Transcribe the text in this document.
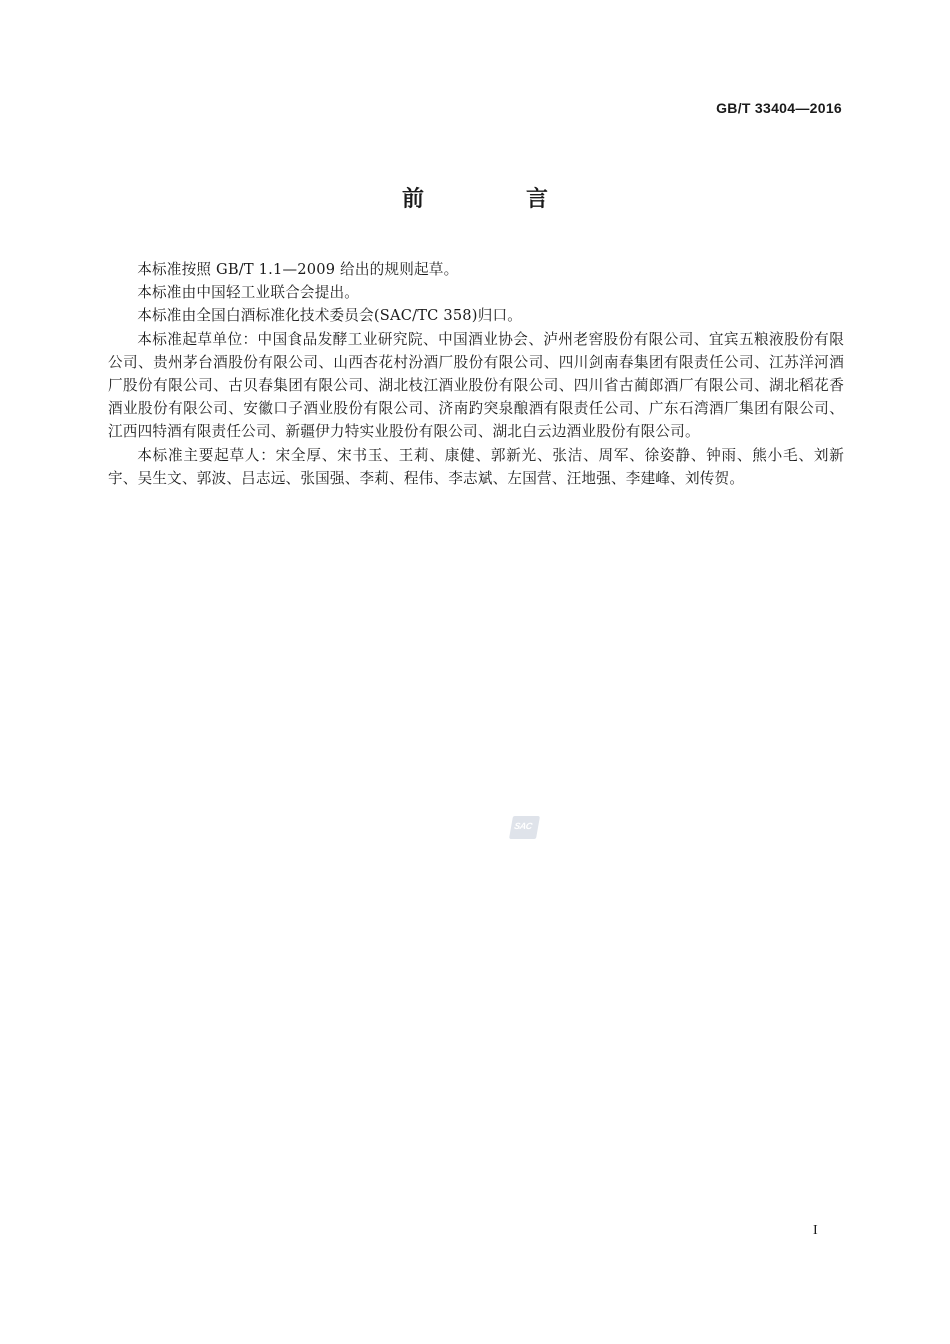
GB/T 33404—2016
前　言

本标准按照 GB/T 1.1—2009 给出的规则起草。

本标准由中国轻工业联合会提出。

本标准由全国白酒标准化技术委员会(SAC/TC 358)归口。

本标准起草单位：中国食品发酵工业研究院、中国酒业协会、泸州老窖股份有限公司、宜宾五粮液股份有限公司、贵州茅台酒股份有限公司、山西杏花村汾酒厂股份有限公司、四川剑南春集团有限责任公司、江苏洋河酒厂股份有限公司、古贝春集团有限公司、湖北枝江酒业股份有限公司、四川省古蔺郎酒厂有限公司、湖北稻花香酒业股份有限公司、安徽口子酒业股份有限公司、济南趵突泉酿酒有限责任公司、广东石湾酒厂集团有限公司、江西四特酒有限责任公司、新疆伊力特实业股份有限公司、湖北白云边酒业股份有限公司。

本标准主要起草人：宋全厚、宋书玉、王莉、康健、郭新光、张洁、周军、徐姿静、钟雨、熊小毛、刘新宇、吴生文、郭波、吕志远、张国强、李莉、程伟、李志斌、左国营、汪地强、李建峰、刘传贺。

SAC
I
